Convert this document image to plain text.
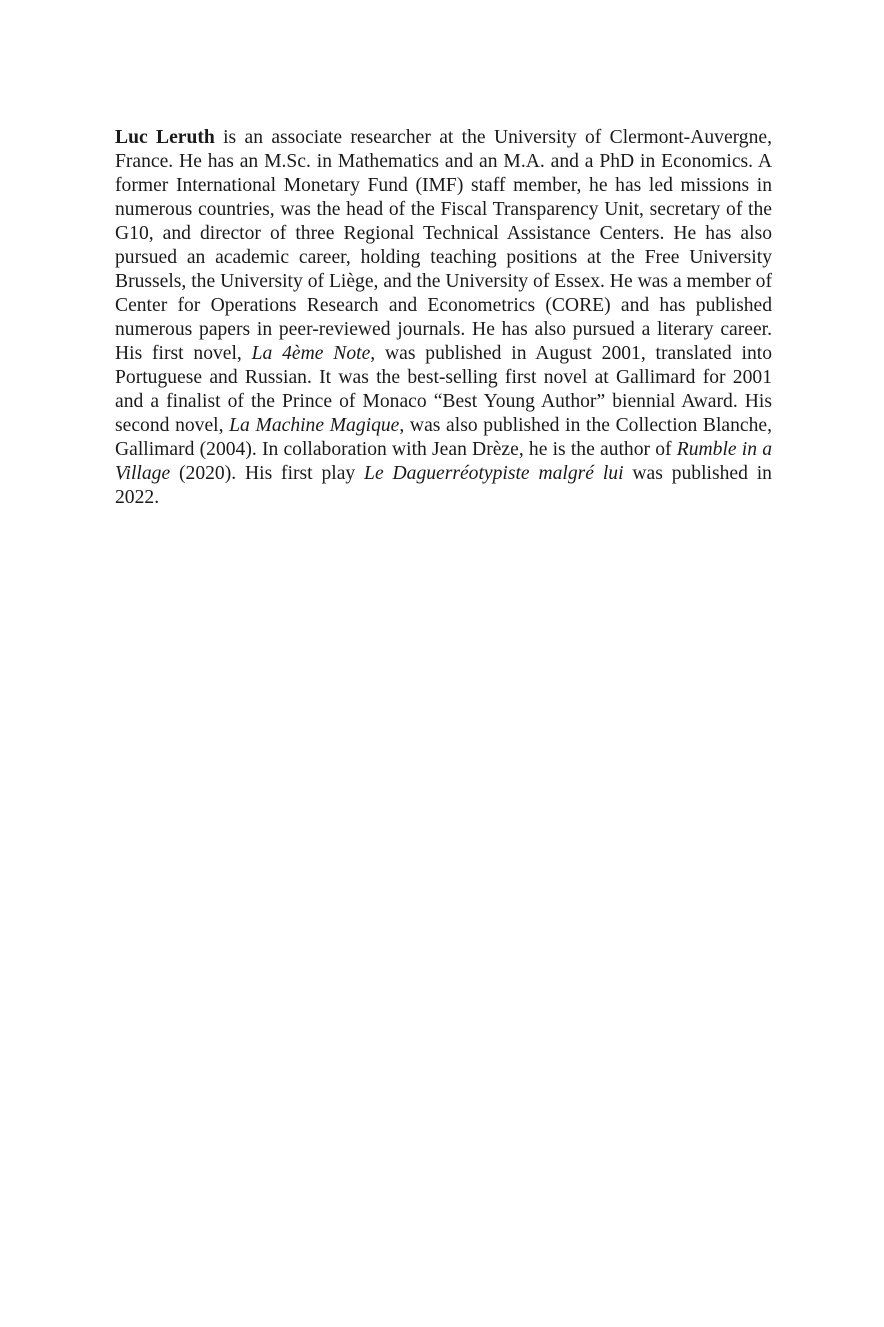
Luc Leruth is an associate researcher at the University of Clermont-Auvergne, France. He has an M.Sc. in Mathematics and an M.A. and a PhD in Economics. A former International Monetary Fund (IMF) staff member, he has led missions in numerous countries, was the head of the Fiscal Transparency Unit, secretary of the G10, and director of three Regional Technical Assistance Centers. He has also pursued an academic career, holding teaching positions at the Free University Brussels, the University of Liège, and the University of Essex. He was a member of Center for Operations Research and Econometrics (CORE) and has published numerous papers in peer-reviewed journals. He has also pursued a literary career. His first novel, La 4ème Note, was published in August 2001, translated into Portuguese and Russian. It was the best-selling first novel at Gallimard for 2001 and a finalist of the Prince of Monaco “Best Young Author” biennial Award. His second novel, La Machine Magique, was also published in the Collection Blanche, Gallimard (2004). In collaboration with Jean Drèze, he is the author of Rumble in a Village (2020). His first play Le Daguerréotypiste malgré lui was published in 2022.
